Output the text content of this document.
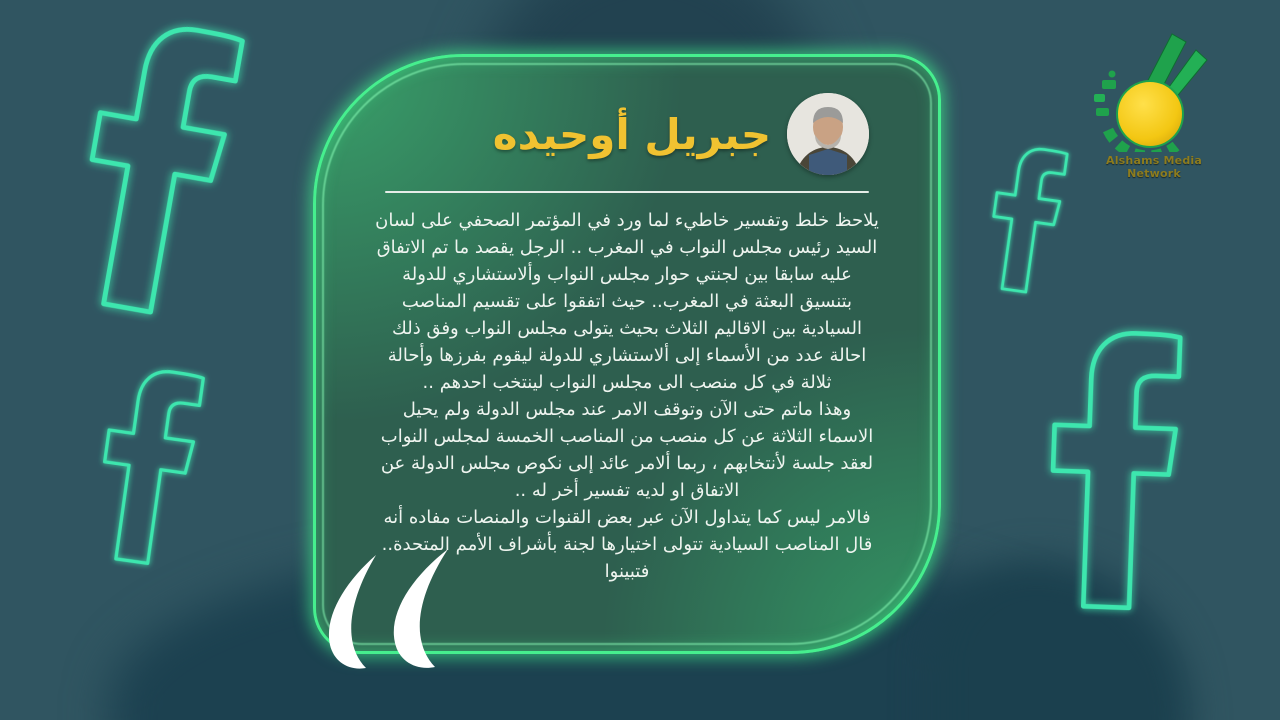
Alshams Media Network
جبريل أوحيده
يلاحظ خلط وتفسير خاطيء لما ورد في المؤتمر الصحفي على لسان
السيد رئيس مجلس النواب في المغرب .. الرجل يقصد ما تم الاتفاق
عليه سابقا بين لجنتي حوار مجلس النواب وألاستشاري للدولة
بتنسيق البعثة في المغرب.. حيث اتفقوا على تقسيم المناصب
السيادية بين الاقاليم الثلاث بحيث يتولى مجلس النواب وفق ذلك
احالة عدد من الأسماء إلى ألاستشاري للدولة ليقوم بفرزها وأحالة
ثلالة في كل منصب الى مجلس النواب لينتخب احدهم ..
وهذا ماتم حتى الآن وتوقف الامر عند مجلس الدولة ولم يحيل
الاسماء الثلاثة عن كل منصب من المناصب الخمسة لمجلس النواب
لعقد جلسة لأنتخابهم ، ربما ألامر عائد إلى نكوص مجلس الدولة عن
الاتفاق او لديه تفسير أخر له ..
فالامر ليس كما يتداول الآن عبر بعض القنوات والمنصات مفاده أنه
قال المناصب السيادية تتولى اختيارها لجنة بأشراف الأمم المتحدة..
فتبينوا
